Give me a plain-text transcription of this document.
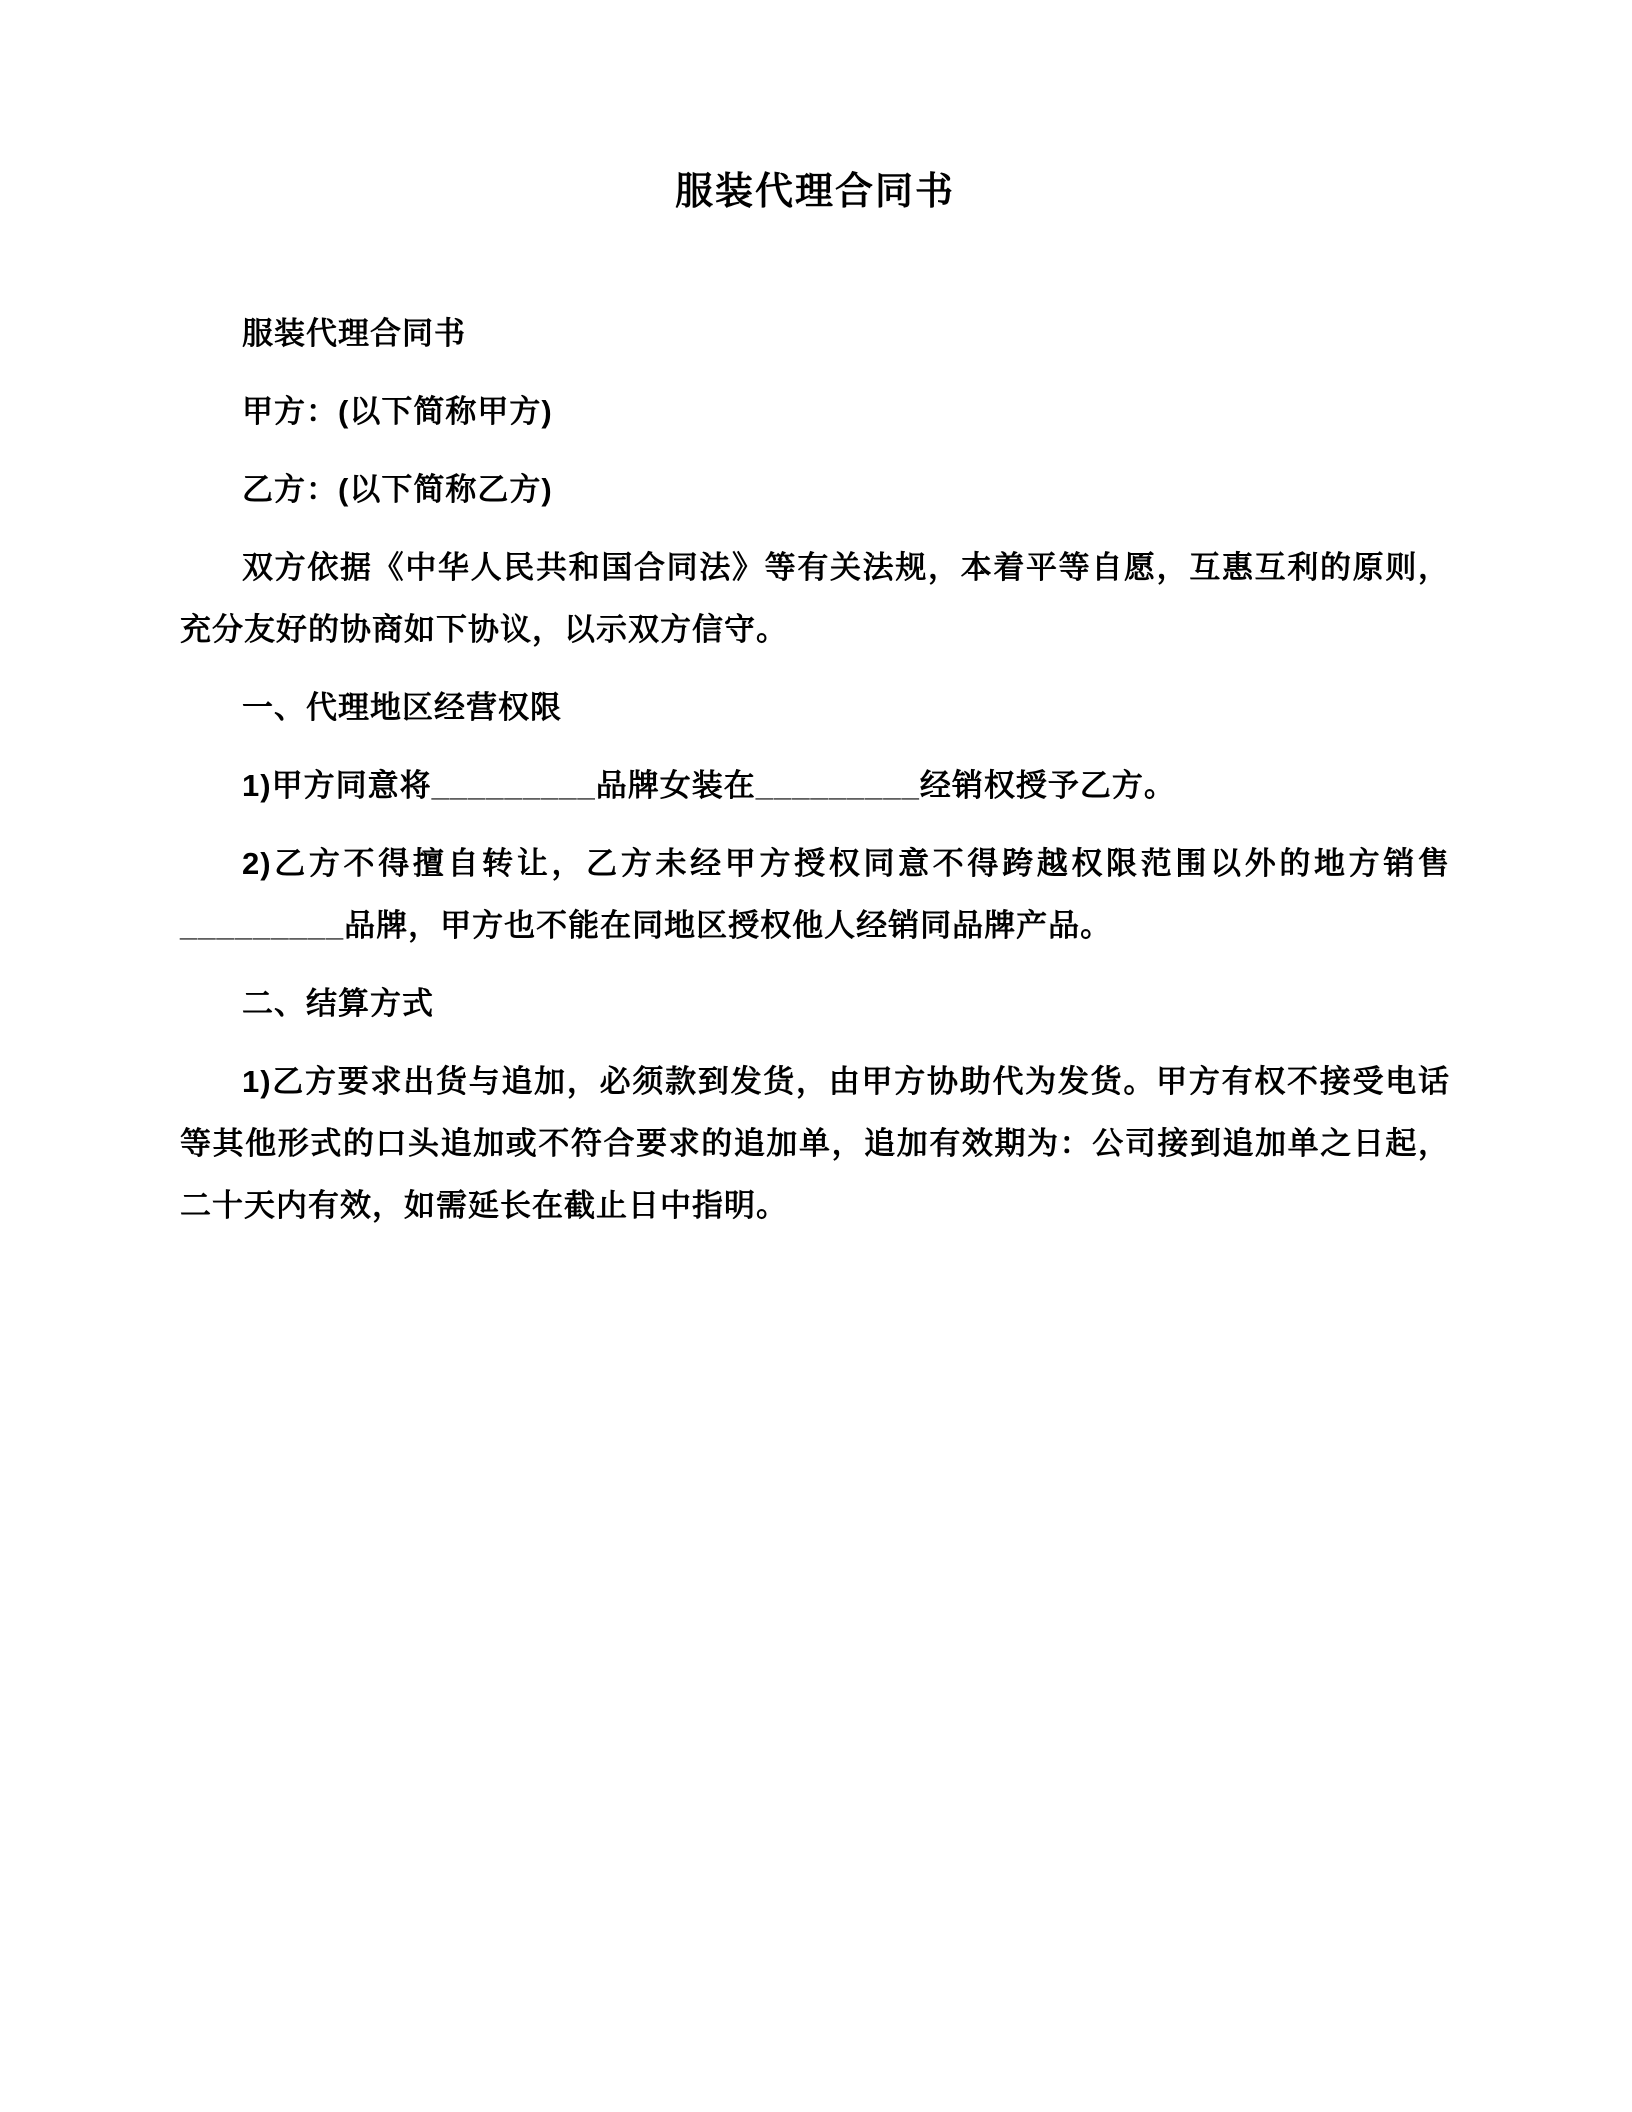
服装代理合同书

服装代理合同书

甲方：(以下简称甲方)

乙方：(以下简称乙方)

双方依据《中华人民共和国合同法》等有关法规，本着平等自愿，互惠互利的原则，充分友好的协商如下协议，以示双方信守。

一、代理地区经营权限

1)甲方同意将_________品牌女装在_________经销权授予乙方。

2)乙方不得擅自转让，乙方未经甲方授权同意不得跨越权限范围以外的地方销售_________品牌，甲方也不能在同地区授权他人经销同品牌产品。

二、结算方式

1)乙方要求出货与追加，必须款到发货，由甲方协助代为发货。甲方有权不接受电话等其他形式的口头追加或不符合要求的追加单，追加有效期为：公司接到追加单之日起，二十天内有效，如需延长在截止日中指明。
